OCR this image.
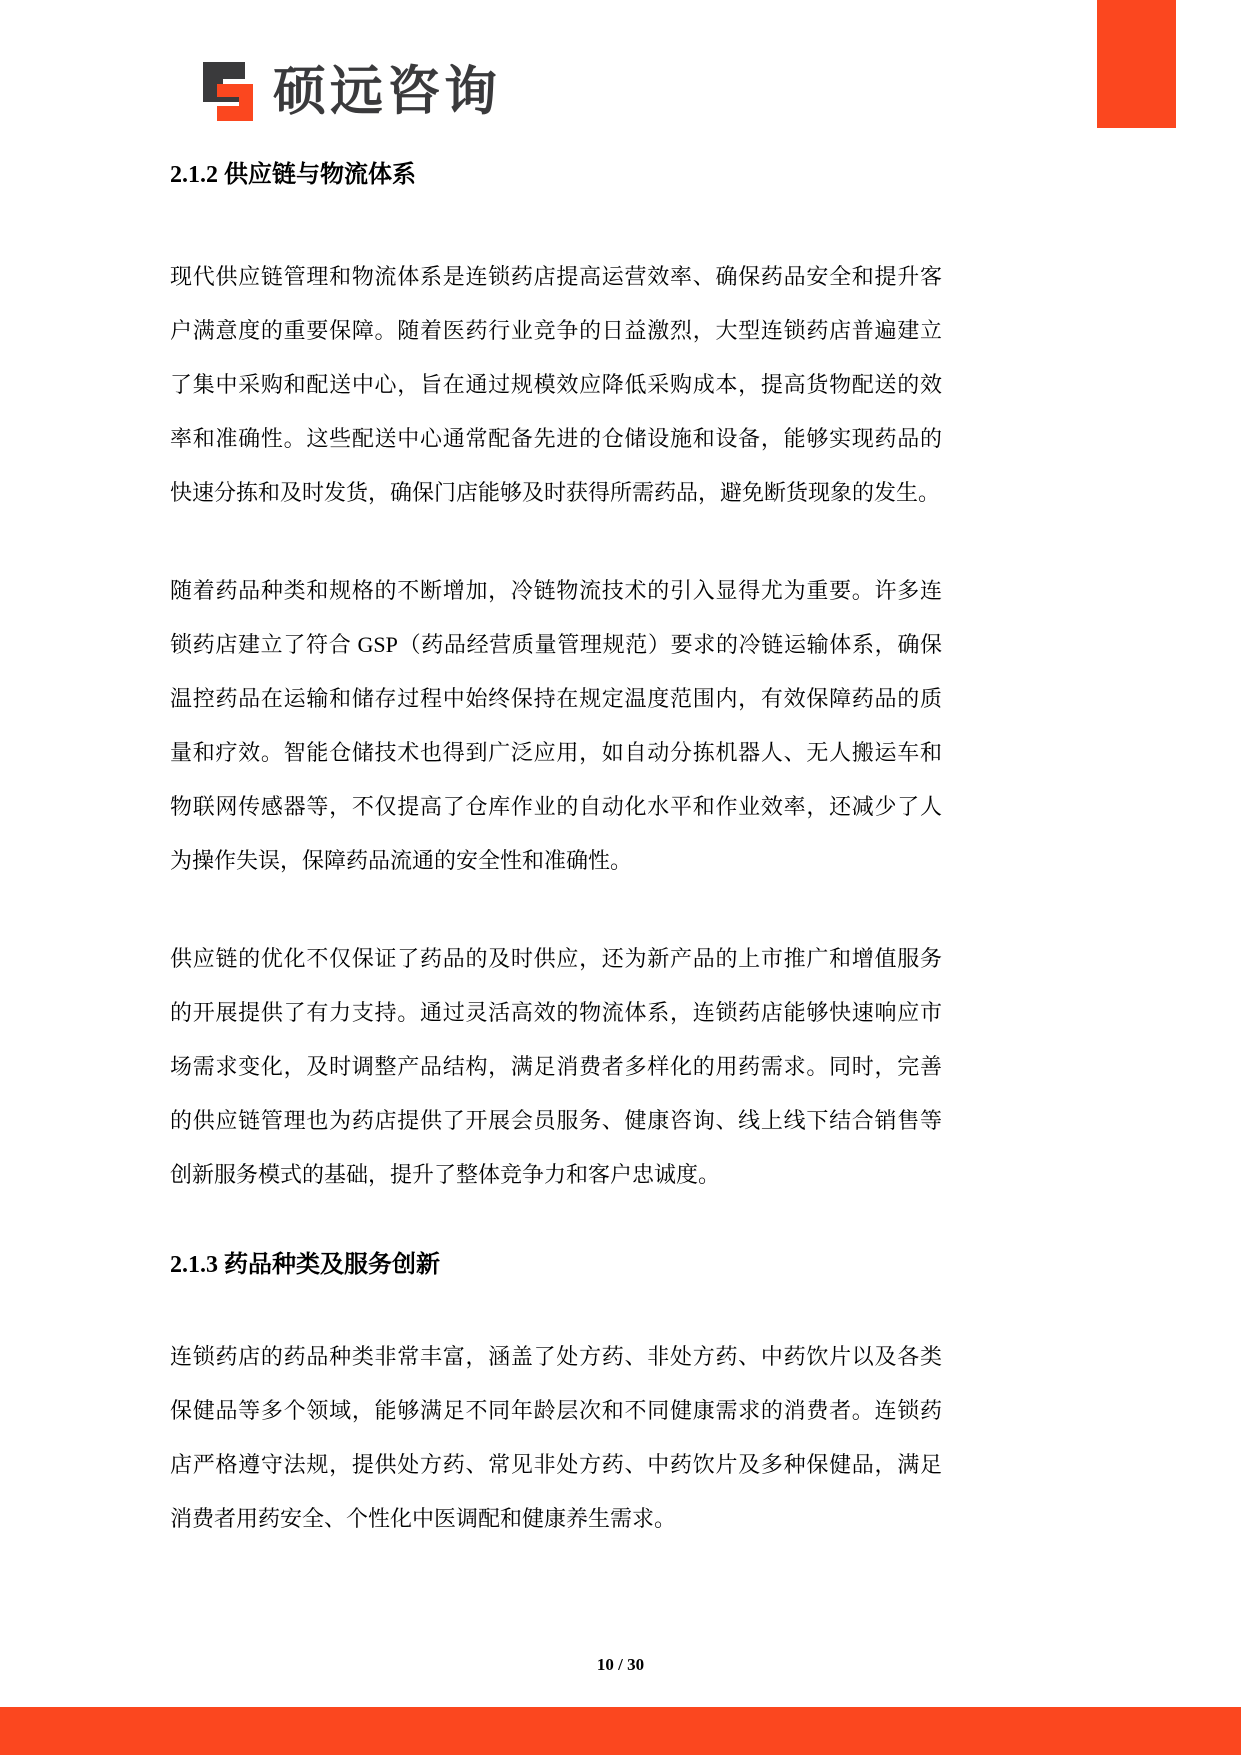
硕远咨询
2.1.2 供应链与物流体系
现代供应链管理和物流体系是连锁药店提高运营效率、确保药品安全和提升客
户满意度的重要保障。随着医药行业竞争的日益激烈，大型连锁药店普遍建立
了集中采购和配送中心，旨在通过规模效应降低采购成本，提高货物配送的效
率和准确性。这些配送中心通常配备先进的仓储设施和设备，能够实现药品的
快速分拣和及时发货，确保门店能够及时获得所需药品，避免断货现象的发生。
随着药品种类和规格的不断增加，冷链物流技术的引入显得尤为重要。许多连
锁药店建立了符合 GSP（药品经营质量管理规范）要求的冷链运输体系，确保
温控药品在运输和储存过程中始终保持在规定温度范围内，有效保障药品的质
量和疗效。智能仓储技术也得到广泛应用，如自动分拣机器人、无人搬运车和
物联网传感器等，不仅提高了仓库作业的自动化水平和作业效率，还减少了人
为操作失误，保障药品流通的安全性和准确性。
供应链的优化不仅保证了药品的及时供应，还为新产品的上市推广和增值服务
的开展提供了有力支持。通过灵活高效的物流体系，连锁药店能够快速响应市
场需求变化，及时调整产品结构，满足消费者多样化的用药需求。同时，完善
的供应链管理也为药店提供了开展会员服务、健康咨询、线上线下结合销售等
创新服务模式的基础，提升了整体竞争力和客户忠诚度。
2.1.3 药品种类及服务创新
连锁药店的药品种类非常丰富，涵盖了处方药、非处方药、中药饮片以及各类
保健品等多个领域，能够满足不同年龄层次和不同健康需求的消费者。连锁药
店严格遵守法规，提供处方药、常见非处方药、中药饮片及多种保健品，满足
消费者用药安全、个性化中医调配和健康养生需求。
10 / 30
